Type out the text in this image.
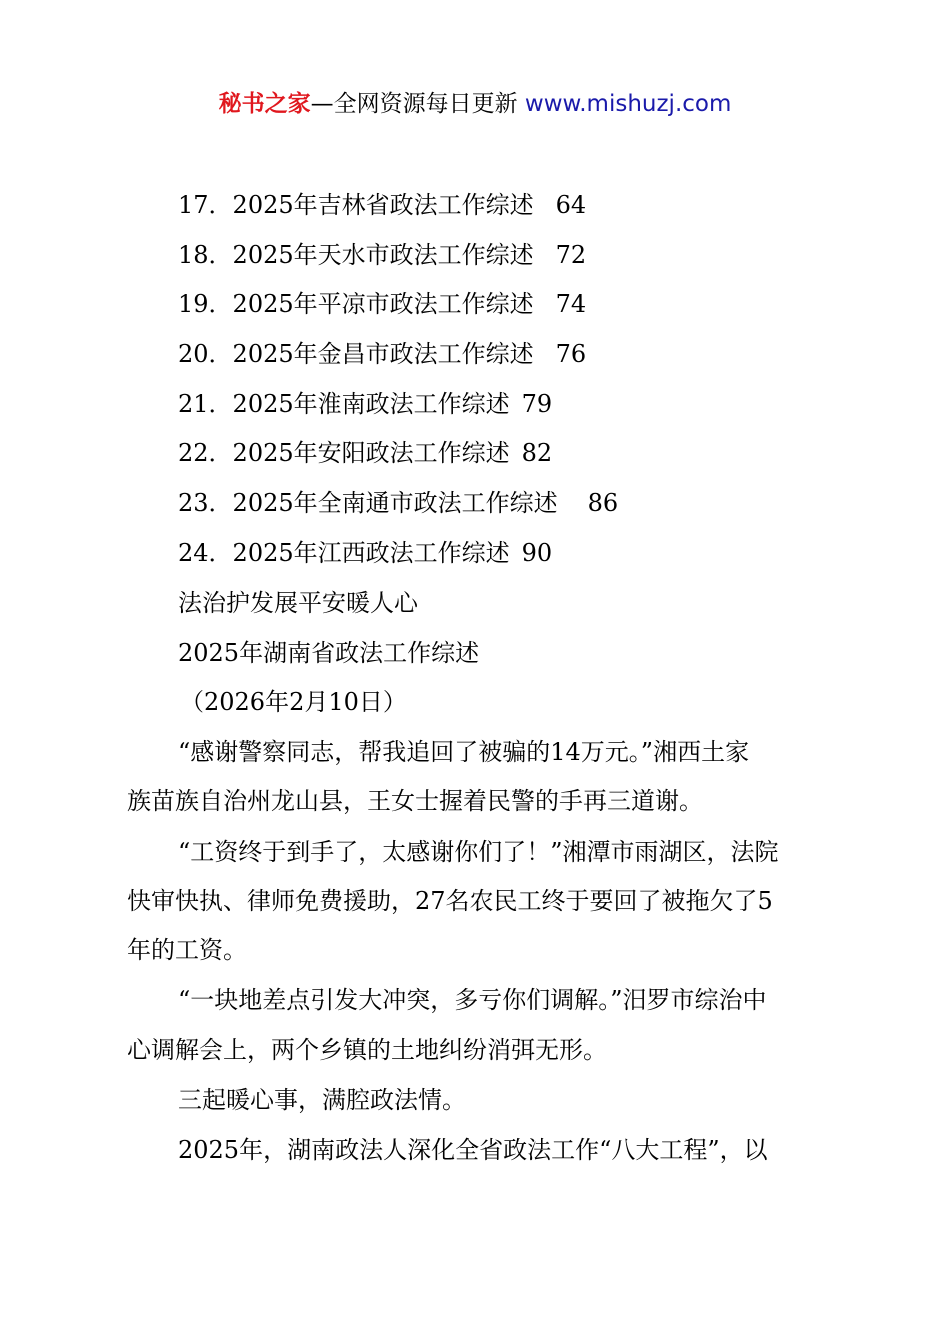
秘书之家—全网资源每日更新 www.mishuzj.com
17．2025年吉林省政法工作综述 64
18．2025年天水市政法工作综述 72
19．2025年平凉市政法工作综述 74
20．2025年金昌市政法工作综述 76
21．2025年淮南政法工作综述 79
22．2025年安阳政法工作综述 82
23．2025年全南通市政法工作综述 86
24．2025年江西政法工作综述 90
法治护发展平安暖人心
2025年湖南省政法工作综述
（2026年2月10日）
“感谢警察同志，帮我追回了被骗的14万元。”湘西土家
族苗族自治州龙山县，王女士握着民警的手再三道谢。
“工资终于到手了，太感谢你们了！”湘潭市雨湖区，法院
快审快执、律师免费援助，27名农民工终于要回了被拖欠了5
年的工资。
“一块地差点引发大冲突，多亏你们调解。”汨罗市综治中
心调解会上，两个乡镇的土地纠纷消弭无形。
三起暖心事，满腔政法情。
2025年，湖南政法人深化全省政法工作“八大工程”，以
